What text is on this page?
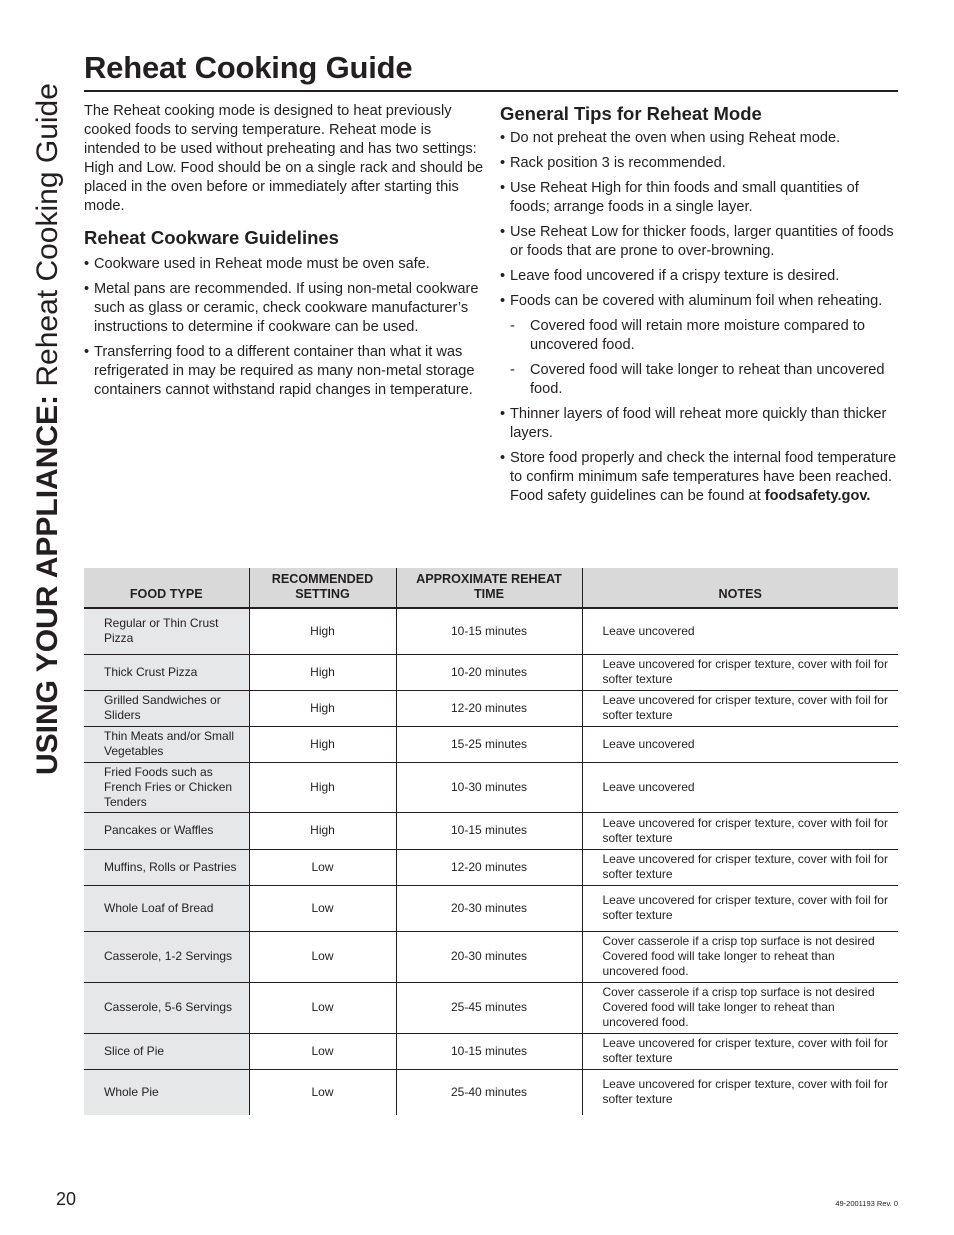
USING YOUR APPLIANCE: Reheat Cooking Guide
Reheat Cooking Guide

The Reheat cooking mode is designed to heat previously cooked foods to serving temperature. Reheat mode is intended to be used without preheating and has two settings: High and Low. Food should be on a single rack and should be placed in the oven before or immediately after starting this mode.

Reheat Cookware Guidelines
• Cookware used in Reheat mode must be oven safe.
• Metal pans are recommended. If using non-metal cookware such as glass or ceramic, check cookware manufacturer’s instructions to determine if cookware can be used.
• Transferring food to a different container than what it was refrigerated in may be required as many non-metal storage containers cannot withstand rapid changes in temperature.
General Tips for Reheat Mode
• Do not preheat the oven when using Reheat mode.
• Rack position 3 is recommended.
• Use Reheat High for thin foods and small quantities of foods; arrange foods in a single layer.
• Use Reheat Low for thicker foods, larger quantities of foods or foods that are prone to over-browning.
• Leave food uncovered if a crispy texture is desired.
• Foods can be covered with aluminum foil when reheating.
- Covered food will retain more moisture compared to uncovered food.
- Covered food will take longer to reheat than uncovered food.
• Thinner layers of food will reheat more quickly than thicker layers.
• Store food properly and check the internal food temperature to confirm minimum safe temperatures have been reached. Food safety guidelines can be found at foodsafety.gov.
FOOD TYPE	RECOMMENDED SETTING	APPROXIMATE REHEAT TIME	NOTES
Regular or Thin Crust Pizza	High	10-15 minutes	Leave uncovered
Thick Crust Pizza	High	10-20 minutes	Leave uncovered for crisper texture, cover with foil for softer texture
Grilled Sandwiches or Sliders	High	12-20 minutes	Leave uncovered for crisper texture, cover with foil for softer texture
Thin Meats and/or Small Vegetables	High	15-25 minutes	Leave uncovered
Fried Foods such as French Fries or Chicken Tenders	High	10-30 minutes	Leave uncovered
Pancakes or Waffles	High	10-15 minutes	Leave uncovered for crisper texture, cover with foil for softer texture
Muffins, Rolls or Pastries	Low	12-20 minutes	Leave uncovered for crisper texture, cover with foil for softer texture
Whole Loaf of Bread	Low	20-30 minutes	Leave uncovered for crisper texture, cover with foil for softer texture
Casserole, 1-2 Servings	Low	20-30 minutes	Cover casserole if a crisp top surface is not desired Covered food will take longer to reheat than uncovered food.
Casserole, 5-6 Servings	Low	25-45 minutes	Cover casserole if a crisp top surface is not desired Covered food will take longer to reheat than uncovered food.
Slice of Pie	Low	10-15 minutes	Leave uncovered for crisper texture, cover with foil for softer texture
Whole Pie	Low	25-40 minutes	Leave uncovered for crisper texture, cover with foil for softer texture
20	49-2001193 Rev. 0
